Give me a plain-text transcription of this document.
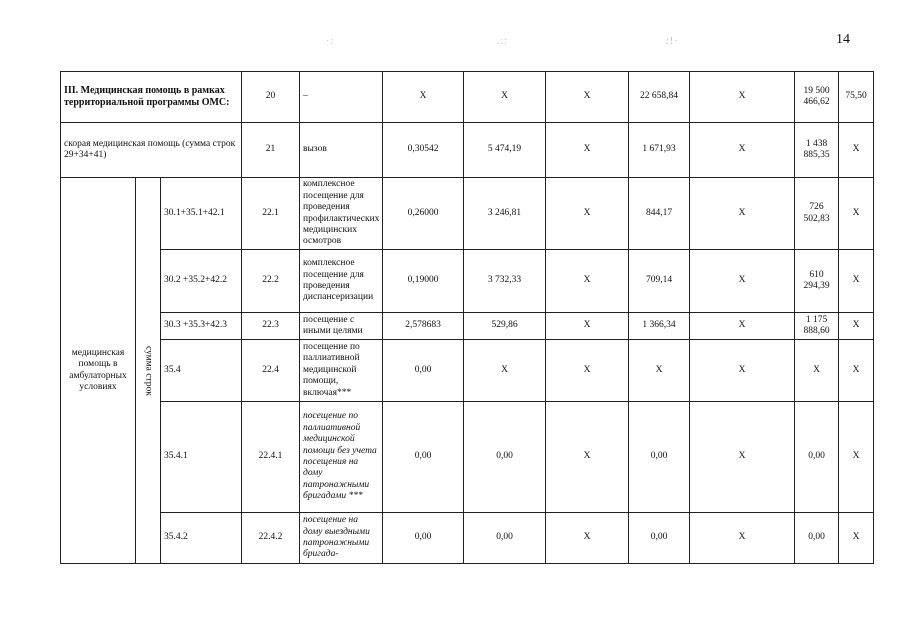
14
·:	.::	:!·
III. Медицинская помощь в рамках территориальной программы ОМС:			20	–	X	X	X	22 658,84	X	19 500 466,62	75,50
скорая медицинская помощь (сумма строк 29+34+41)			21	вызов	0,30542	5 474,19	X	1 671,93	X	1 438 885,35	X
медицинская помощь в амбулаторных условиях	сумма строк	30.1+35.1+42.1	22.1	комплексное посещение для проведения профилактических медицинских осмотров	0,26000	3 246,81	X	844,17	X	726 502,83	X
		30.2 +35.2+42.2	22.2	комплексное посещение для проведения диспансеризации	0,19000	3 732,33	X	709,14	X	610 294,39	X
		30.3 +35.3+42.3	22.3	посещение с иными целями	2,578683	529,86	X	1 366,34	X	1 175 888,60	X
		35.4	22.4	посещение по паллиативной медицинской помощи, включая***	0,00	X	X	X	X	X	X
		35.4.1	22.4.1	посещение по паллиативной медицинской помощи без учета посещения на дому патронажными бригадами ***	0,00	0,00	X	0,00	X	0,00	X
		35.4.2	22.4.2	посещение на дому выездными патронажными бригада-	0,00	0,00	X	0,00	X	0,00	X
